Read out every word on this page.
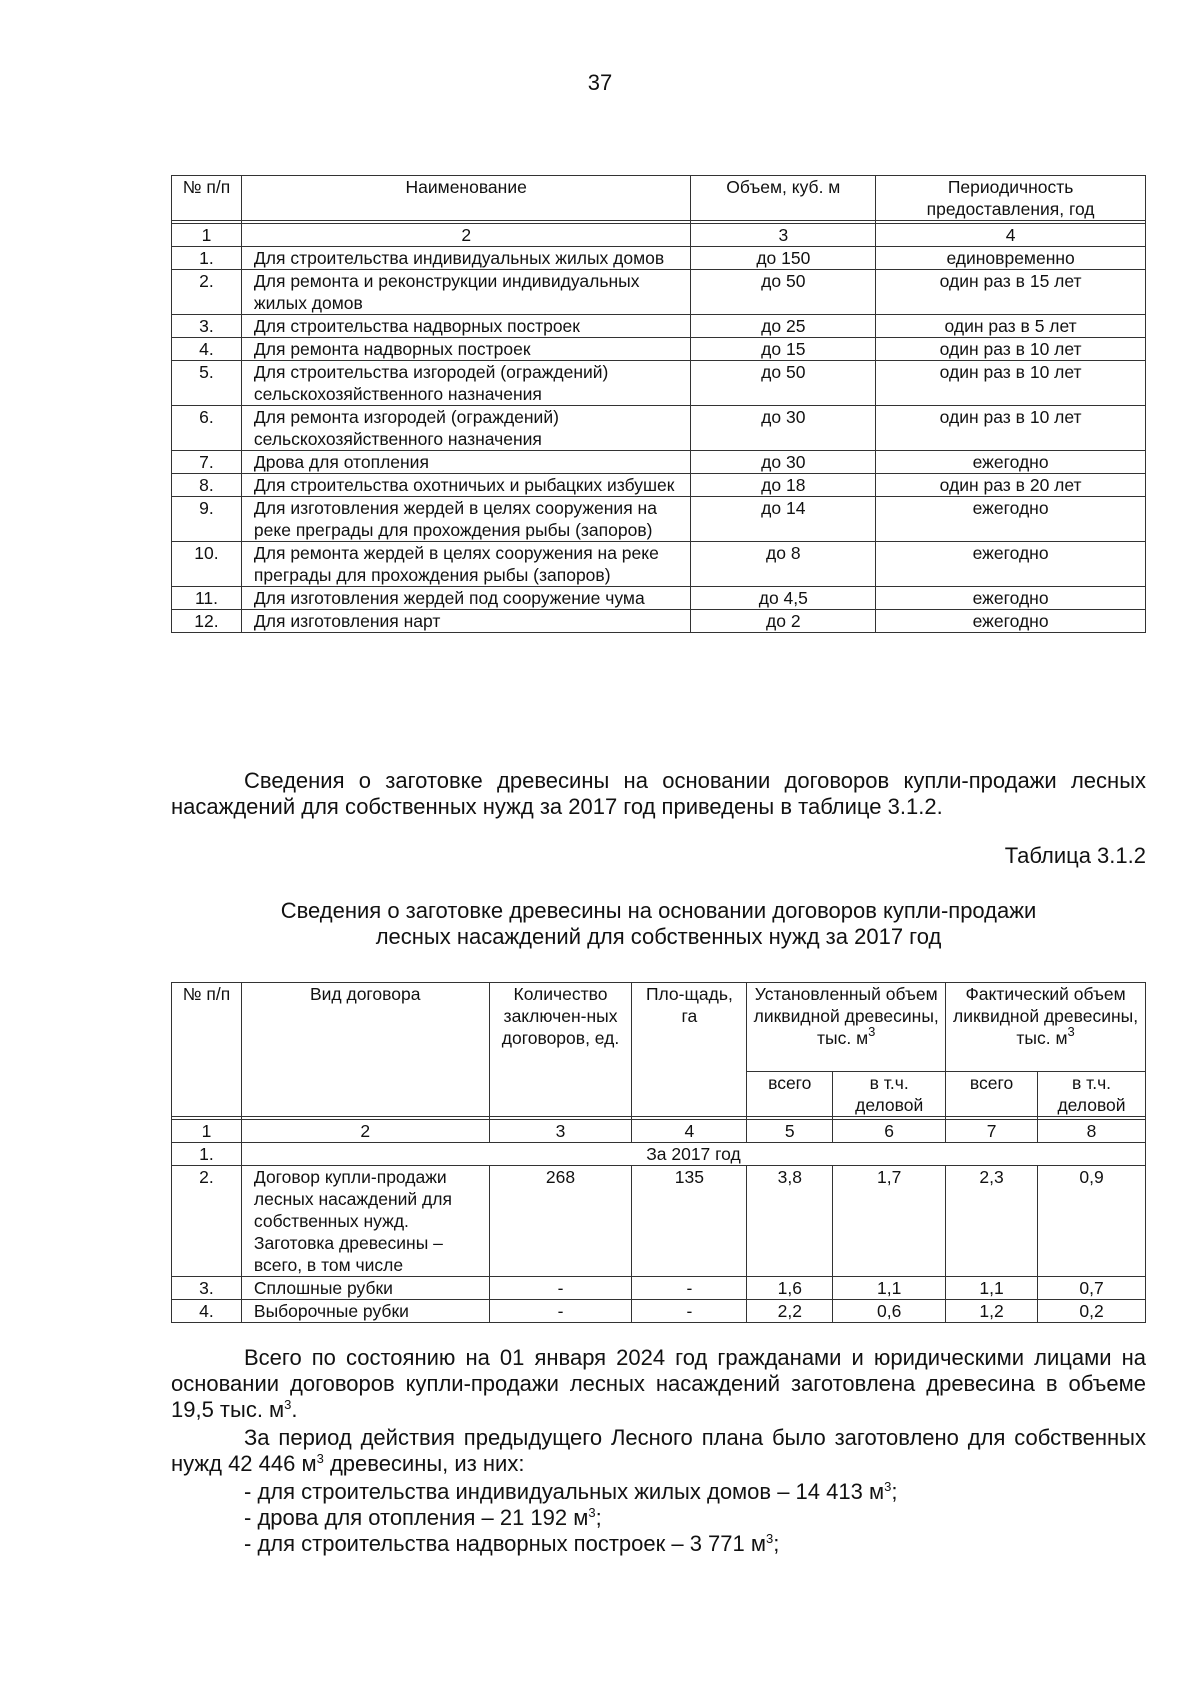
37
№ п/п	Наименование	Объем, куб. м	Периодичность предоставления, год

1	2	3	4
1.	Для строительства индивидуальных жилых домов	до 150	единовременно
2.	Для ремонта и реконструкции индивидуальных жилых домов	до 50	один раз в 15 лет
3.	Для строительства надворных построек	до 25	один раз в 5 лет
4.	Для ремонта надворных построек	до 15	один раз в 10 лет
5.	Для строительства изгородей (ограждений) сельскохозяйственного назначения	до 50	один раз в 10 лет
6.	Для ремонта изгородей (ограждений) сельскохозяйственного назначения	до 30	один раз в 10 лет
7.	Дрова для отопления	до 30	ежегодно
8.	Для строительства охотничьих и рыбацких избушек	до 18	один раз в 20 лет
9.	Для изготовления жердей в целях сооружения на реке преграды для прохождения рыбы (запоров)	до 14	ежегодно
10.	Для ремонта жердей в целях сооружения на реке преграды для прохождения рыбы (запоров)	до 8	ежегодно
11.	Для изготовления жердей под сооружение чума	до 4,5	ежегодно
12.	Для изготовления нарт	до 2	ежегодно
Сведения о заготовке древесины на основании договоров купли-продажи лесных насаждений для собственных нужд за 2017 год приведены в таблице 3.1.2.
Таблица 3.1.2
Сведения о заготовке древесины на основании договоров купли-продажи
лесных насаждений для собственных нужд за 2017 год
№ п/п	Вид договора	Количество заключен-ных договоров, ед.	Пло-щадь, га	Установленный объем ликвидной древесины, тыс. $м^3$		Фактический объем ликвидной древесины, тыс. $м^3$
				всего	в т.ч. деловой	всего	в т.ч. деловой

1	2	3	4	5	6	7	8
1.	За 2017 год						
2.	Договор купли-продажи лесных насаждений для собственных нужд. Заготовка древесины – всего, в том числе	268	135	3,8	1,7	2,3	0,9
3.	Сплошные рубки	-	-	1,6	1,1	1,1	0,7
4.	Выборочные рубки	-	-	2,2	0,6	1,2	0,2
Всего по состоянию на 01 января 2024 год гражданами и юридическими лицами на основании договоров купли-продажи лесных насаждений заготовлена древесина в объеме 19,5 тыс. $м^3$.
За период действия предыдущего Лесного плана было заготовлено для собственных нужд 42 446 $м^3$ древесины, из них:
- для строительства индивидуальных жилых домов – 14 413 $м^3$;
- дрова для отопления – 21 192 $м^3$;
- для строительства надворных построек – 3 771 $м^3$;
